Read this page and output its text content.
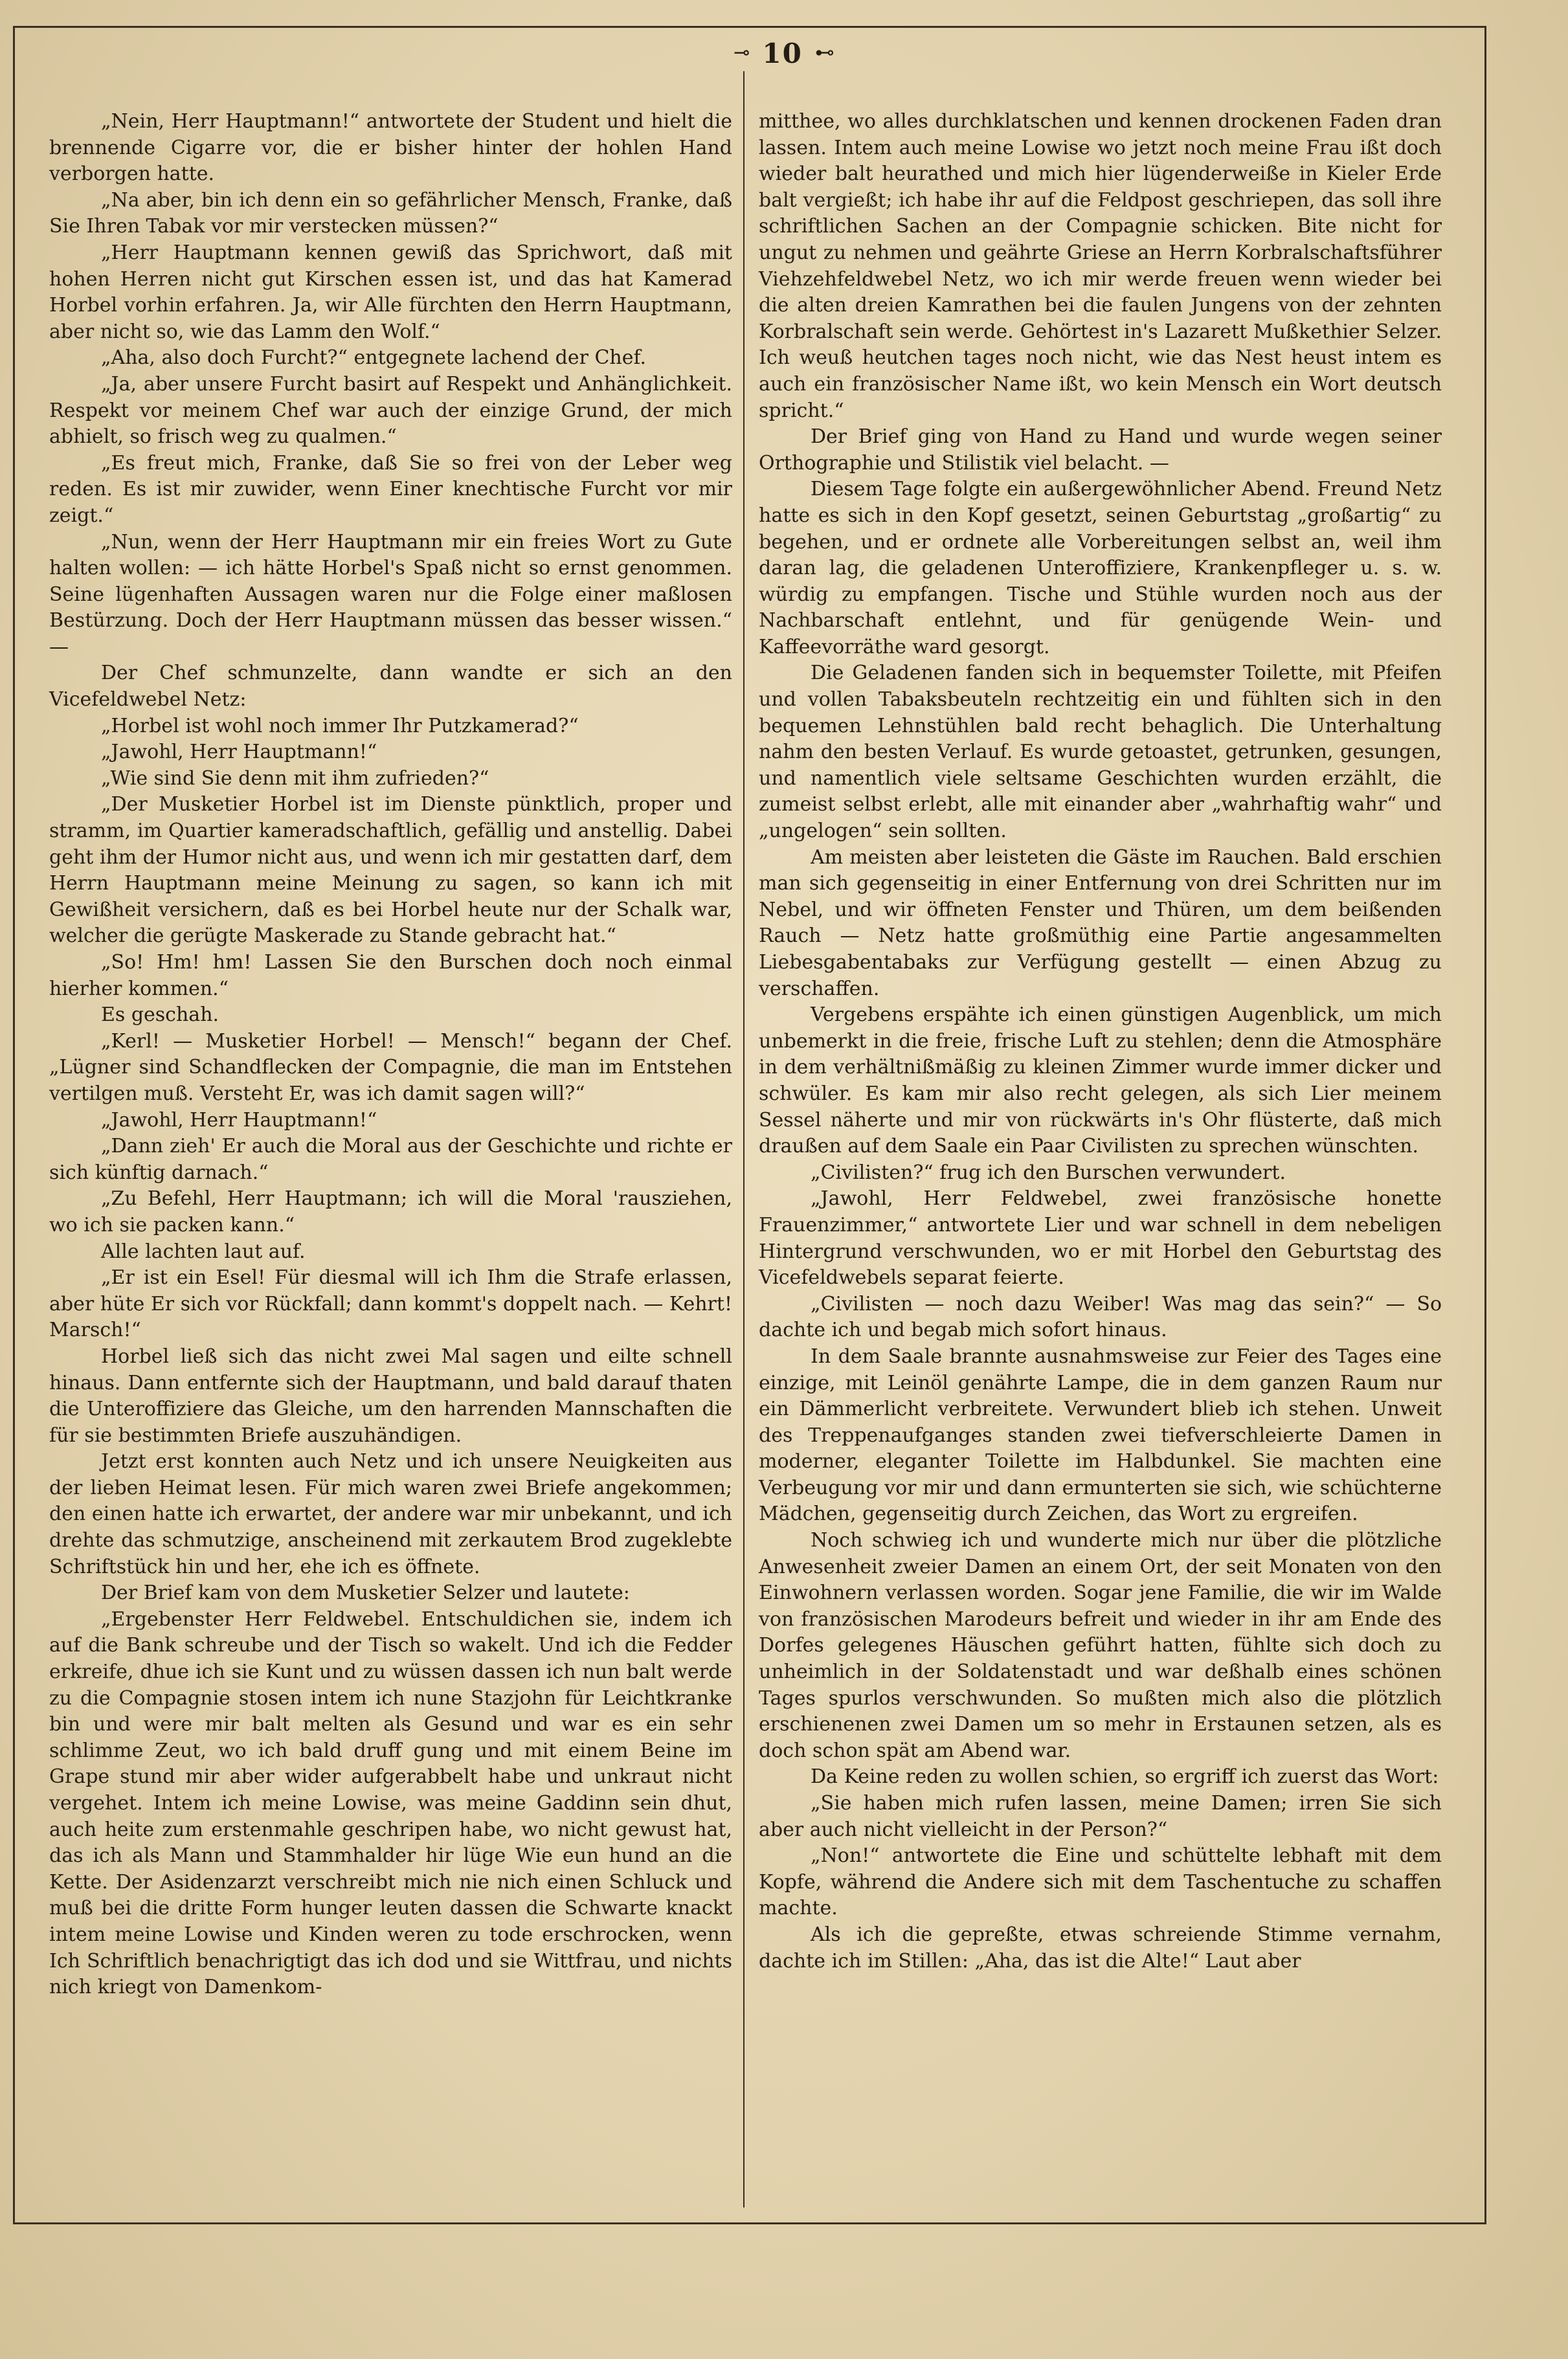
⊸ 10 ⊷

„Nein, Herr Hauptmann!“ antwortete der Student und hielt die brennende Cigarre vor, die er bisher hinter der hohlen Hand verborgen hatte.

„Na aber, bin ich denn ein so gefährlicher Mensch, Franke, daß Sie Ihren Tabak vor mir verstecken müssen?“

„Herr Hauptmann kennen gewiß das Sprichwort, daß mit hohen Herren nicht gut Kirschen essen ist, und das hat Kamerad Horbel vorhin erfahren. Ja, wir Alle fürchten den Herrn Hauptmann, aber nicht so, wie das Lamm den Wolf.“

„Aha, also doch Furcht?“ entgegnete lachend der Chef.

„Ja, aber unsere Furcht basirt auf Respekt und Anhänglichkeit. Respekt vor meinem Chef war auch der einzige Grund, der mich abhielt, so frisch weg zu qualmen.“

„Es freut mich, Franke, daß Sie so frei von der Leber weg reden. Es ist mir zuwider, wenn Einer knechtische Furcht vor mir zeigt.“

„Nun, wenn der Herr Hauptmann mir ein freies Wort zu Gute halten wollen: — ich hätte Horbel's Spaß nicht so ernst genommen. Seine lügenhaften Aussagen waren nur die Folge einer maßlosen Bestürzung. Doch der Herr Hauptmann müssen das besser wissen.“ —

Der Chef schmunzelte, dann wandte er sich an den Vicefeldwebel Netz:

„Horbel ist wohl noch immer Ihr Putzkamerad?“

„Jawohl, Herr Hauptmann!“

„Wie sind Sie denn mit ihm zufrieden?“

„Der Musketier Horbel ist im Dienste pünktlich, proper und stramm, im Quartier kameradschaftlich, gefällig und anstellig. Dabei geht ihm der Humor nicht aus, und wenn ich mir gestatten darf, dem Herrn Hauptmann meine Meinung zu sagen, so kann ich mit Gewißheit versichern, daß es bei Horbel heute nur der Schalk war, welcher die gerügte Maskerade zu Stande gebracht hat.“

„So! Hm! hm! Lassen Sie den Burschen doch noch einmal hierher kommen.“

Es geschah.

„Kerl! — Musketier Horbel! — Mensch!“ begann der Chef. „Lügner sind Schandflecken der Compagnie, die man im Entstehen vertilgen muß. Versteht Er, was ich damit sagen will?“

„Jawohl, Herr Hauptmann!“

„Dann zieh' Er auch die Moral aus der Geschichte und richte er sich künftig darnach.“

„Zu Befehl, Herr Hauptmann; ich will die Moral 'rausziehen, wo ich sie packen kann.“

Alle lachten laut auf.

„Er ist ein Esel! Für diesmal will ich Ihm die Strafe erlassen, aber hüte Er sich vor Rückfall; dann kommt's doppelt nach. — Kehrt! Marsch!“

Horbel ließ sich das nicht zwei Mal sagen und eilte schnell hinaus. Dann entfernte sich der Hauptmann, und bald darauf thaten die Unteroffiziere das Gleiche, um den harrenden Mannschaften die für sie bestimmten Briefe auszuhändigen.

Jetzt erst konnten auch Netz und ich unsere Neuigkeiten aus der lieben Heimat lesen. Für mich waren zwei Briefe angekommen; den einen hatte ich erwartet, der andere war mir unbekannt, und ich drehte das schmutzige, anscheinend mit zerkautem Brod zugeklebte Schriftstück hin und her, ehe ich es öffnete.

Der Brief kam von dem Musketier Selzer und lautete:

„Ergebenster Herr Feldwebel. Entschuldichen sie, indem ich auf die Bank schreube und der Tisch so wakelt. Und ich die Fedder erkreife, dhue ich sie Kunt und zu wüssen dassen ich nun balt werde zu die Compagnie stosen intem ich nune Stazjohn für Leichtkranke bin und were mir balt melten als Gesund und war es ein sehr schlimme Zeut, wo ich bald druff gung und mit einem Beine im Grape stund mir aber wider aufgerabbelt habe und unkraut nicht vergehet. Intem ich meine Lowise, was meine Gaddinn sein dhut, auch heite zum erstenmahle geschripen habe, wo nicht gewust hat, das ich als Mann und Stammhalder hir lüge Wie eun hund an die Kette. Der Asidenzarzt verschreibt mich nie nich einen Schluck und muß bei die dritte Form hunger leuten dassen die Schwarte knackt intem meine Lowise und Kinden weren zu tode erschrocken, wenn Ich Schriftlich benachrigtigt das ich dod und sie Wittfrau, und nichts nich kriegt von Damenkom-

mitthee, wo alles durchklatschen und kennen drockenen Faden dran lassen. Intem auch meine Lowise wo jetzt noch meine Frau ißt doch wieder balt heurathed und mich hier lügenderweiße in Kieler Erde balt vergießt; ich habe ihr auf die Feldpost geschriepen, das soll ihre schriftlichen Sachen an der Compagnie schicken. Bite nicht for ungut zu nehmen und geährte Griese an Herrn Korbralschaftsführer Viehzehfeldwebel Netz, wo ich mir werde freuen wenn wieder bei die alten dreien Kamrathen bei die faulen Jungens von der zehnten Korbralschaft sein werde. Gehörtest in's Lazarett Mußkethier Selzer. Ich weuß heutchen tages noch nicht, wie das Nest heust intem es auch ein französischer Name ißt, wo kein Mensch ein Wort deutsch spricht.“

Der Brief ging von Hand zu Hand und wurde wegen seiner Orthographie und Stilistik viel belacht. —

Diesem Tage folgte ein außergewöhnlicher Abend. Freund Netz hatte es sich in den Kopf gesetzt, seinen Geburtstag „großartig“ zu begehen, und er ordnete alle Vorbereitungen selbst an, weil ihm daran lag, die geladenen Unteroffiziere, Krankenpfleger u. s. w. würdig zu empfangen. Tische und Stühle wurden noch aus der Nachbarschaft entlehnt, und für genügende Wein- und Kaffeevorräthe ward gesorgt.

Die Geladenen fanden sich in bequemster Toilette, mit Pfeifen und vollen Tabaksbeuteln rechtzeitig ein und fühlten sich in den bequemen Lehnstühlen bald recht behaglich. Die Unterhaltung nahm den besten Verlauf. Es wurde getoastet, getrunken, gesungen, und namentlich viele seltsame Geschichten wurden erzählt, die zumeist selbst erlebt, alle mit einander aber „wahrhaftig wahr“ und „ungelogen“ sein sollten.

Am meisten aber leisteten die Gäste im Rauchen. Bald erschien man sich gegenseitig in einer Entfernung von drei Schritten nur im Nebel, und wir öffneten Fenster und Thüren, um dem beißenden Rauch — Netz hatte großmüthig eine Partie angesammelten Liebesgabentabaks zur Verfügung gestellt — einen Abzug zu verschaffen.

Vergebens erspähte ich einen günstigen Augenblick, um mich unbemerkt in die freie, frische Luft zu stehlen; denn die Atmosphäre in dem verhältnißmäßig zu kleinen Zimmer wurde immer dicker und schwüler. Es kam mir also recht gelegen, als sich Lier meinem Sessel näherte und mir von rückwärts in's Ohr flüsterte, daß mich draußen auf dem Saale ein Paar Civilisten zu sprechen wünschten.

„Civilisten?“ frug ich den Burschen verwundert.

„Jawohl, Herr Feldwebel, zwei französische honette Frauenzimmer,“ antwortete Lier und war schnell in dem nebeligen Hintergrund verschwunden, wo er mit Horbel den Geburtstag des Vicefeldwebels separat feierte.

„Civilisten — noch dazu Weiber! Was mag das sein?“ — So dachte ich und begab mich sofort hinaus.

In dem Saale brannte ausnahmsweise zur Feier des Tages eine einzige, mit Leinöl genährte Lampe, die in dem ganzen Raum nur ein Dämmerlicht verbreitete. Verwundert blieb ich stehen. Unweit des Treppenaufganges standen zwei tiefverschleierte Damen in moderner, eleganter Toilette im Halbdunkel. Sie machten eine Verbeugung vor mir und dann ermunterten sie sich, wie schüchterne Mädchen, gegenseitig durch Zeichen, das Wort zu ergreifen.

Noch schwieg ich und wunderte mich nur über die plötzliche Anwesenheit zweier Damen an einem Ort, der seit Monaten von den Einwohnern verlassen worden. Sogar jene Familie, die wir im Walde von französischen Marodeurs befreit und wieder in ihr am Ende des Dorfes gelegenes Häuschen geführt hatten, fühlte sich doch zu unheimlich in der Soldatenstadt und war deßhalb eines schönen Tages spurlos verschwunden. So mußten mich also die plötzlich erschienenen zwei Damen um so mehr in Erstaunen setzen, als es doch schon spät am Abend war.

Da Keine reden zu wollen schien, so ergriff ich zuerst das Wort:

„Sie haben mich rufen lassen, meine Damen; irren Sie sich aber auch nicht vielleicht in der Person?“

„Non!“ antwortete die Eine und schüttelte lebhaft mit dem Kopfe, während die Andere sich mit dem Taschentuche zu schaffen machte.

Als ich die gepreßte, etwas schreiende Stimme vernahm, dachte ich im Stillen: „Aha, das ist die Alte!“ Laut aber
